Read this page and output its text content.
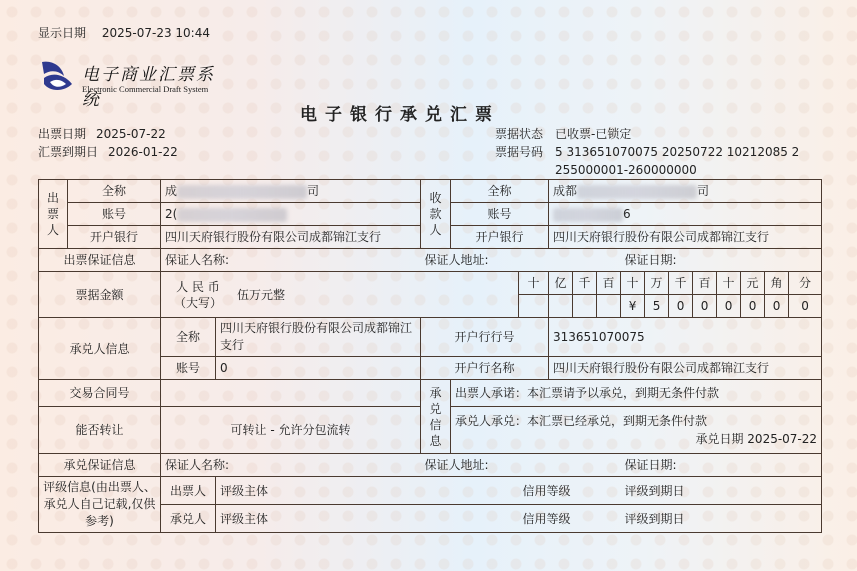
显示日期 2025-07-23 10:44
电子商业汇票系统
Electronic Commercial Draft System
电子银行承兑汇票
出票日期 2025-07-22
汇票到期日 2026-01-22
票据状态 已收票-已锁定
票据号码 5 313651070075 20250722 10212085 2
255000001-260000000
出票人	全称	成 司		收款人	全称		成都 司										
	账号	2(			账号		6										
	开户银行	四川天府银行股份有限公司成都锦江支行			开户银行		四川天府银行股份有限公司成都锦江支行										
出票保证信息		保证人名称:		保证人地址:						保证日期:							
票据金额		人 民 币
（大写）
伍万元整				十	亿	千	百	十	万	千	百	十	元	角	分
										¥	5	0	0	0	0	0	0
承兑人信息		全称	四川天府银行股份有限公司成都锦江支行	开户行行号			313651070075										
		账号	0	开户行名称			四川天府银行股份有限公司成都锦江支行										
交易合同号				承兑信息	出票人承诺：本汇票请予以承兑，到期无条件付款												
能否转让		可转让 - 允许分包流转			承兑人承兑：本汇票已经承兑，到期无条件付款
承兑日期 2025-07-22												

承兑保证信息		保证人名称:		保证人地址:						保证日期:							
评级信息(由出票人、承兑人自己记载,仅供参考)		出票人	评级主体			信用等级				评级到期日							
		承兑人	评级主体			信用等级				评级到期日							
